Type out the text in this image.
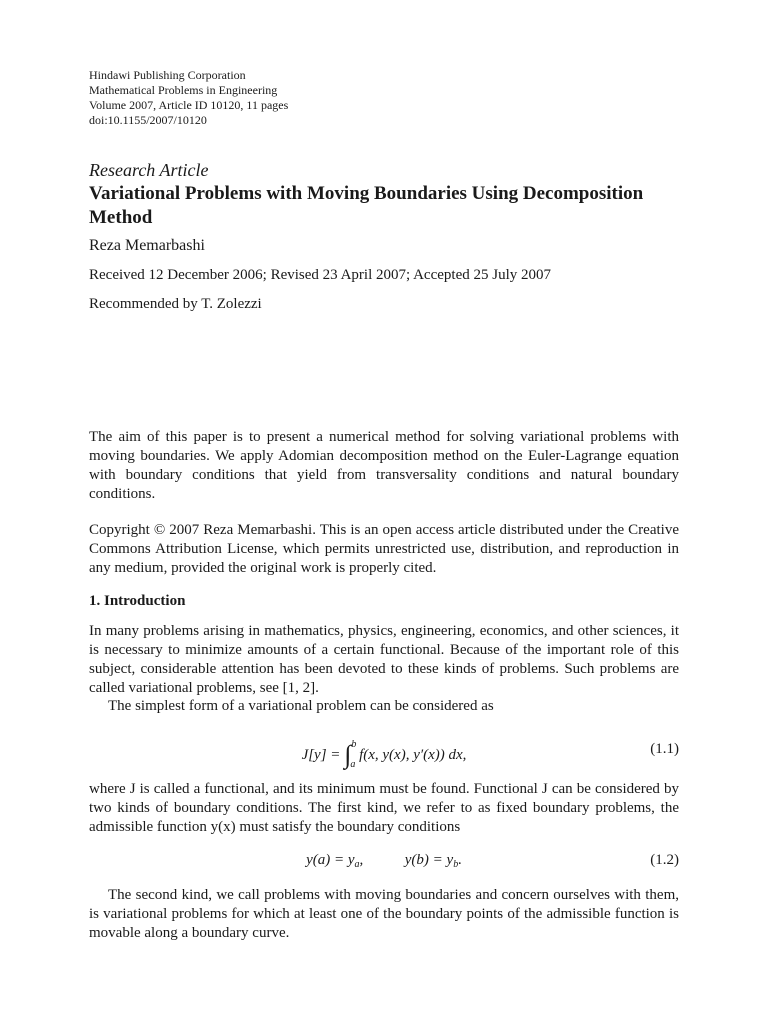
Hindawi Publishing Corporation
Mathematical Problems in Engineering
Volume 2007, Article ID 10120, 11 pages
doi:10.1155/2007/10120
Research Article
Variational Problems with Moving Boundaries Using Decomposition Method
Reza Memarbashi
Received 12 December 2006; Revised 23 April 2007; Accepted 25 July 2007
Recommended by T. Zolezzi
The aim of this paper is to present a numerical method for solving variational problems with moving boundaries. We apply Adomian decomposition method on the Euler-Lagrange equation with boundary conditions that yield from transversality conditions and natural boundary conditions.
Copyright © 2007 Reza Memarbashi. This is an open access article distributed under the Creative Commons Attribution License, which permits unrestricted use, distribution, and reproduction in any medium, provided the original work is properly cited.
1. Introduction
In many problems arising in mathematics, physics, engineering, economics, and other sciences, it is necessary to minimize amounts of a certain functional. Because of the important role of this subject, considerable attention has been devoted to these kinds of problems. Such problems are called variational problems, see [1, 2].
The simplest form of a variational problem can be considered as
J[y] = ∫ba f(x, y(x), y′(x)) dx,	(1.1)
where J is called a functional, and its minimum must be found. Functional J can be considered by two kinds of boundary conditions. The first kind, we refer to as fixed boundary problems, the admissible function y(x) must satisfy the boundary conditions
$y(a) = y_a$,	$y(b) = y_b$.	(1.2)
The second kind, we call problems with moving boundaries and concern ourselves with them, is variational problems for which at least one of the boundary points of the admissible function is movable along a boundary curve.
